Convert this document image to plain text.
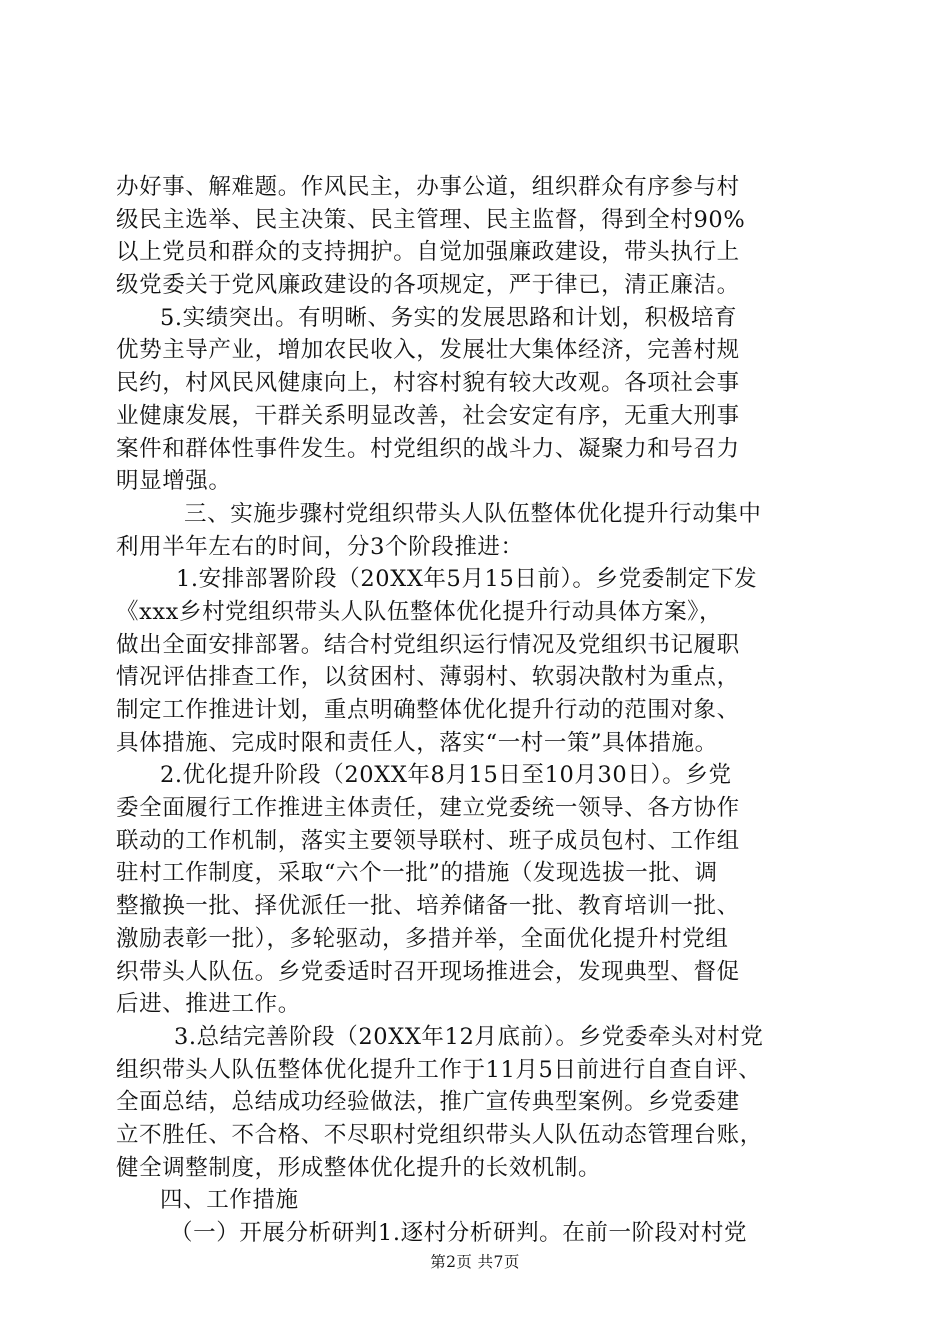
办好事、解难题。作风民主，办事公道，组织群众有序参与村
级民主选举、民主决策、民主管理、民主监督，得到全村90%
以上党员和群众的支持拥护。自觉加强廉政建设，带头执行上
级党委关于党风廉政建设的各项规定，严于律已，清正廉洁。
5.实绩突出。有明晰、务实的发展思路和计划，积极培育
优势主导产业，增加农民收入，发展壮大集体经济，完善村规
民约，村风民风健康向上，村容村貌有较大改观。各项社会事
业健康发展，干群关系明显改善，社会安定有序，无重大刑事
案件和群体性事件发生。村党组织的战斗力、凝聚力和号召力
明显增强。
三、实施步骤村党组织带头人队伍整体优化提升行动集中
利用半年左右的时间，分3个阶段推进：
1.安排部署阶段（20XX年5月15日前）。乡党委制定下发
《xxx乡村党组织带头人队伍整体优化提升行动具体方案》，
做出全面安排部署。结合村党组织运行情况及党组织书记履职
情况评估排查工作，以贫困村、薄弱村、软弱决散村为重点，
制定工作推进计划，重点明确整体优化提升行动的范围对象、
具体措施、完成时限和责任人，落实“一村一策”具体措施。
2.优化提升阶段（20XX年8月15日至10月30日）。乡党
委全面履行工作推进主体责任，建立党委统一领导、各方协作
联动的工作机制，落实主要领导联村、班子成员包村、工作组
驻村工作制度，采取“六个一批”的措施（发现选拔一批、调
整撤换一批、择优派任一批、培养储备一批、教育培训一批、
激励表彰一批），多轮驱动，多措并举，全面优化提升村党组
织带头人队伍。乡党委适时召开现场推进会，发现典型、督促
后进、推进工作。
3.总结完善阶段（20XX年12月底前）。乡党委牵头对村党
组织带头人队伍整体优化提升工作于11月5日前进行自查自评、
全面总结，总结成功经验做法，推广宣传典型案例。乡党委建
立不胜任、不合格、不尽职村党组织带头人队伍动态管理台账，
健全调整制度，形成整体优化提升的长效机制。
四、工作措施
（一）开展分析研判1.逐村分析研判。在前一阶段对村党
第2页 共7页
